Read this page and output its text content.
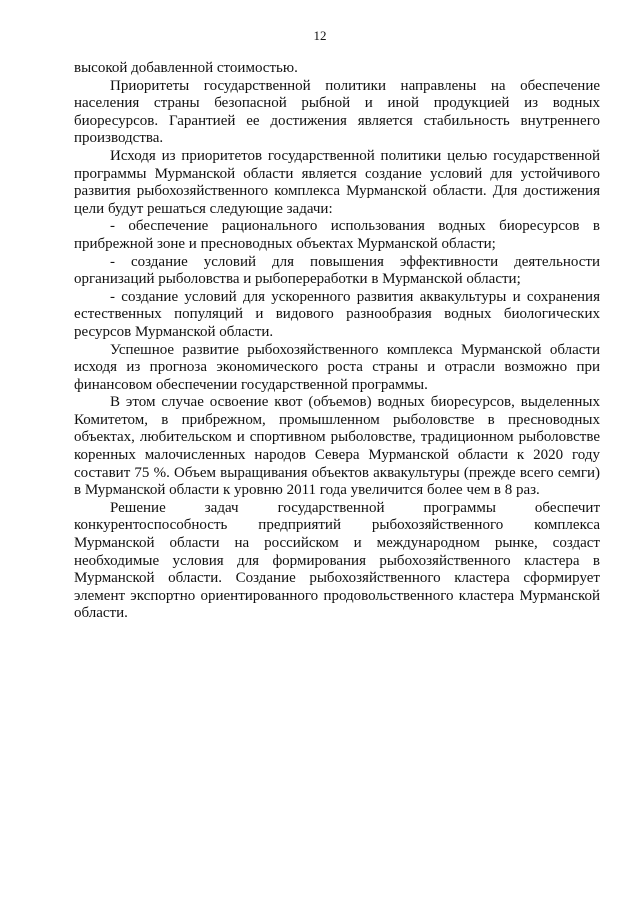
12

высокой добавленной стоимостью.

Приоритеты государственной политики направлены на обеспечение населения страны безопасной рыбной и иной продукцией из водных биоресурсов. Гарантией ее достижения является стабильность внутреннего производства.

Исходя из приоритетов государственной политики целью государственной программы Мурманской области является создание условий для устойчивого развития рыбохозяйственного комплекса Мурманской области. Для достижения цели будут решаться следующие задачи:

- обеспечение рационального использования водных биоресурсов в прибрежной зоне и пресноводных объектах Мурманской области;

- создание условий для повышения эффективности деятельности организаций рыболовства и рыбопереработки в Мурманской области;

- создание условий для ускоренного развития аквакультуры и сохранения естественных популяций и видового разнообразия водных биологических ресурсов Мурманской области.

Успешное развитие рыбохозяйственного комплекса Мурманской области исходя из прогноза экономического роста страны и отрасли возможно при финансовом обеспечении государственной программы.

В этом случае освоение квот (объемов) водных биоресурсов, выделенных Комитетом, в прибрежном, промышленном рыболовстве в пресноводных объектах, любительском и спортивном рыболовстве, традиционном рыболовстве коренных малочисленных народов Севера Мурманской области к 2020 году составит 75 %. Объем выращивания объектов аквакультуры (прежде всего семги) в Мурманской области к уровню 2011 года увеличится более чем в 8 раз.

Решение задач государственной программы обеспечит конкурентоспособность предприятий рыбохозяйственного комплекса Мурманской области на российском и международном рынке, создаст необходимые условия для формирования рыбохозяйственного кластера в Мурманской области. Создание рыбохозяйственного кластера сформирует элемент экспортно ориентированного продовольственного кластера Мурманской области.
